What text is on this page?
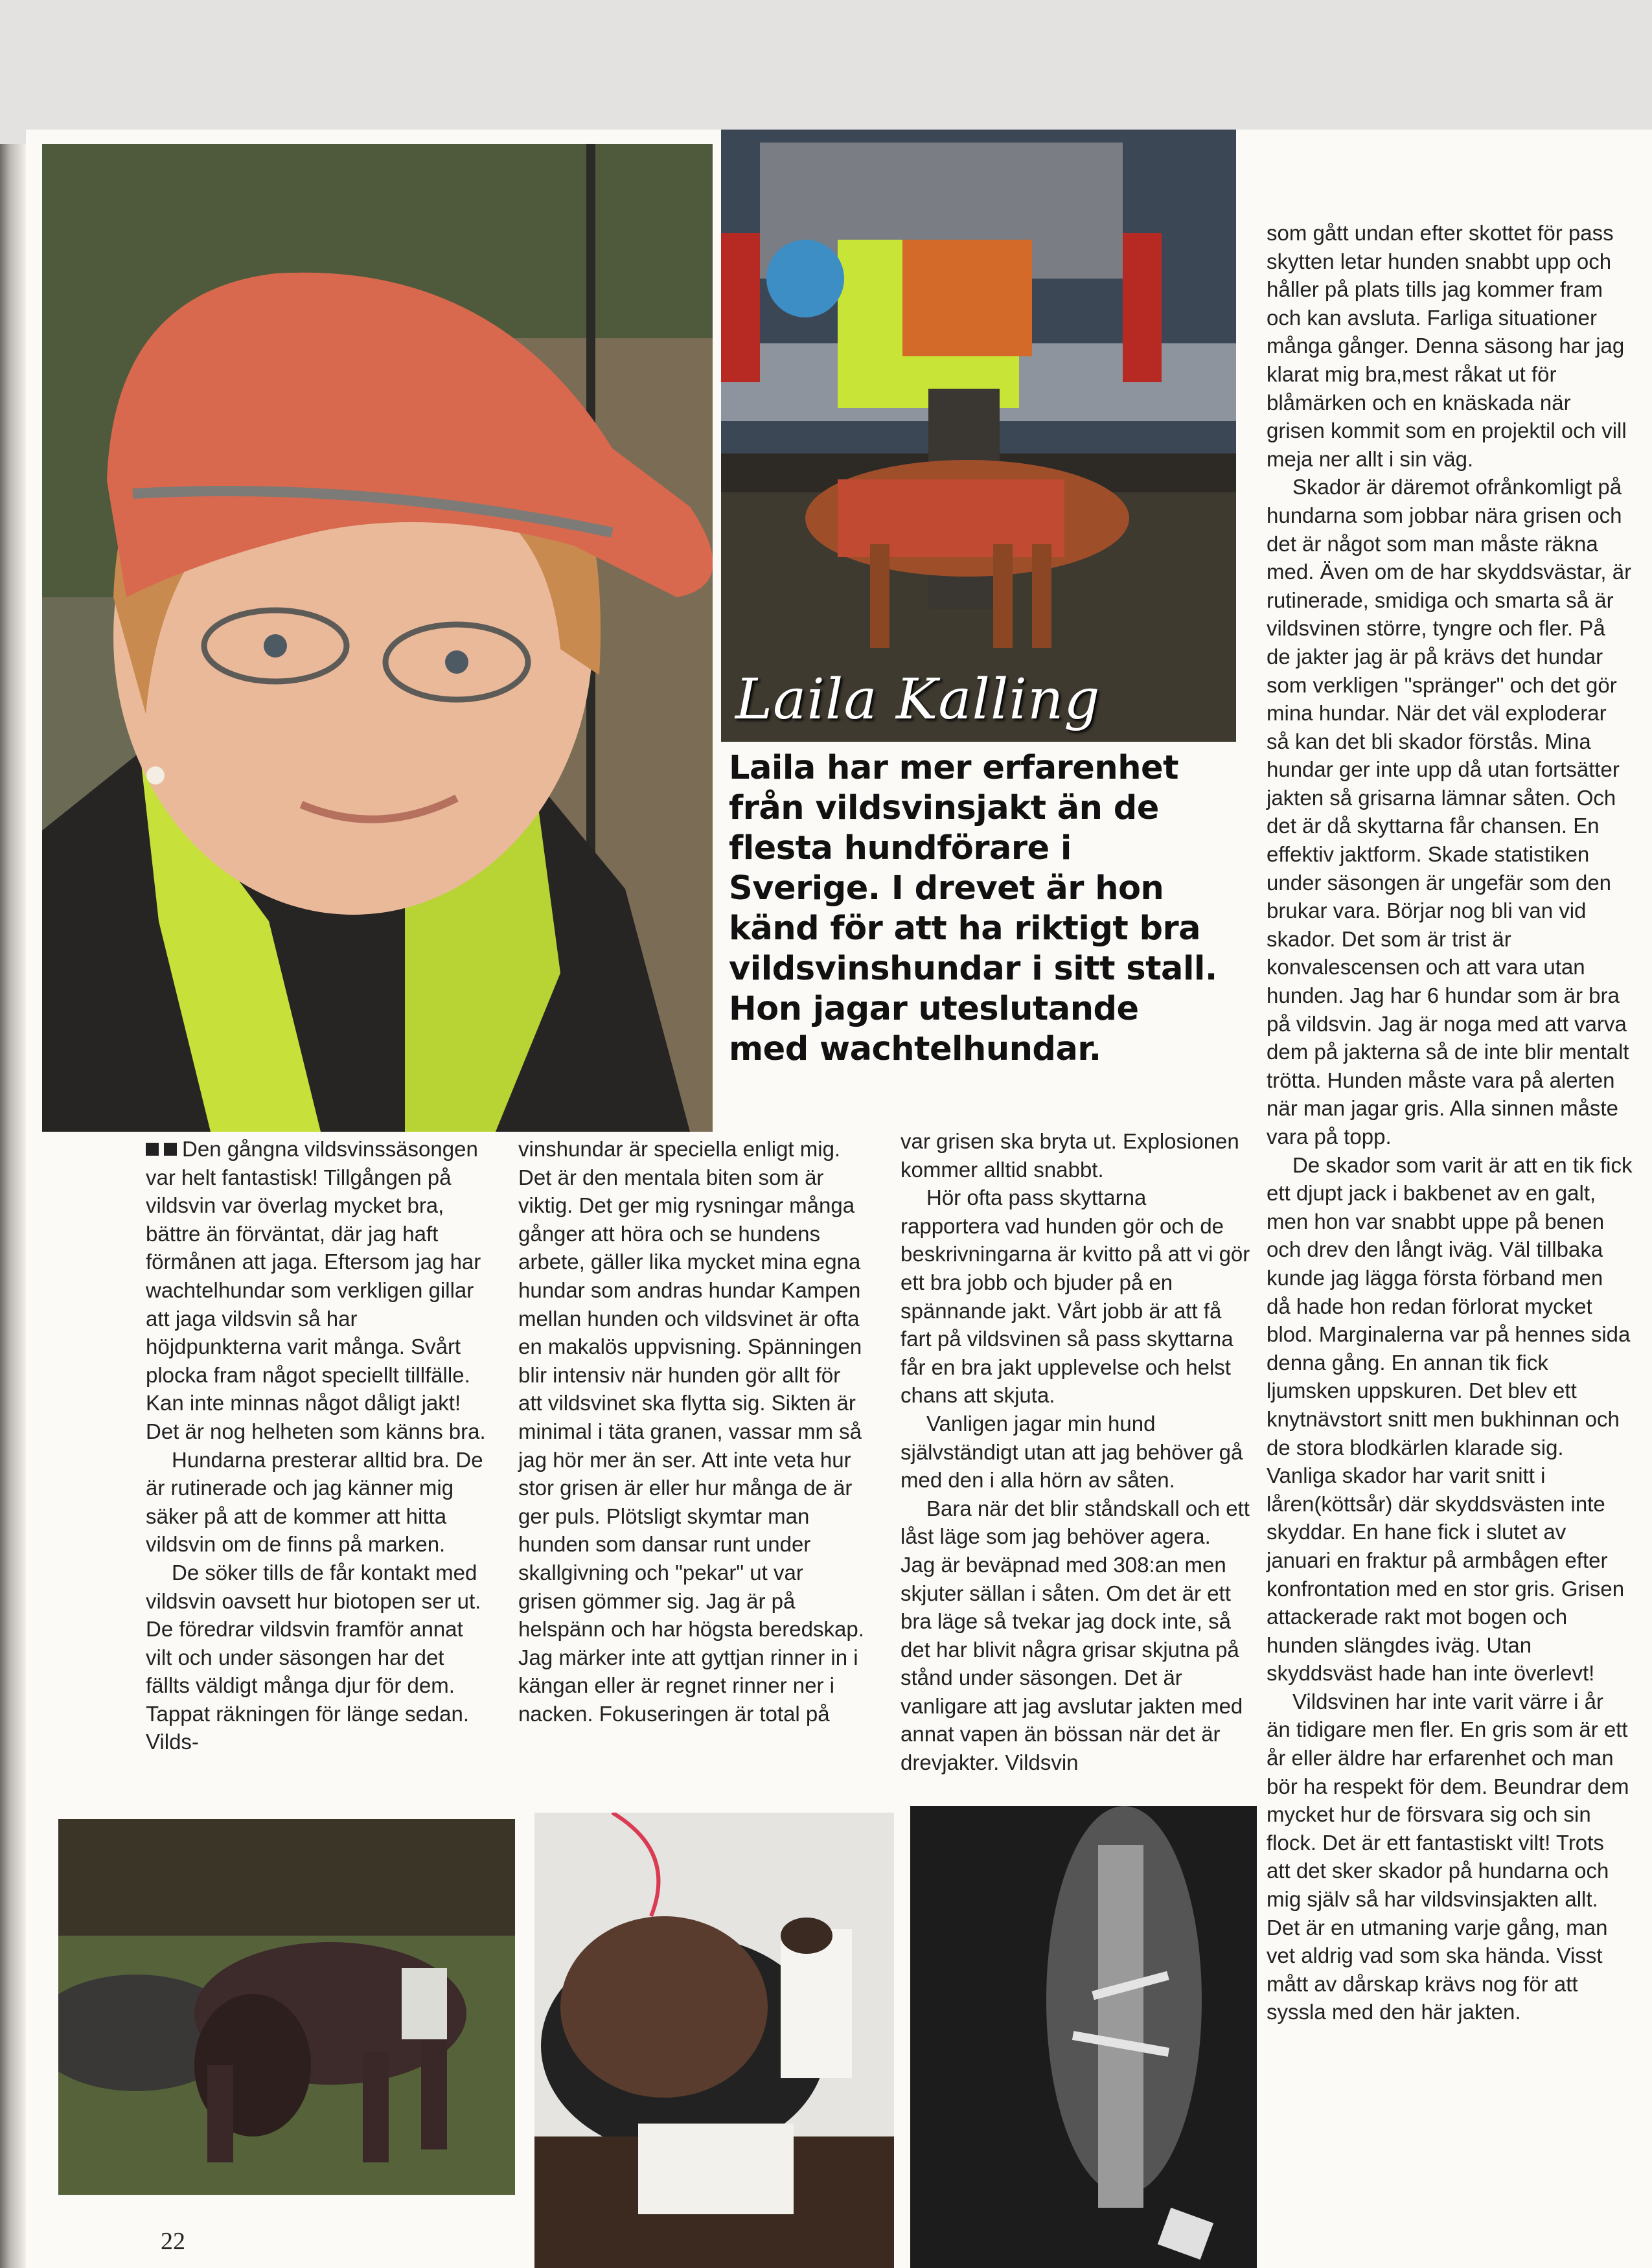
Laila Kalling
Laila har mer erfarenhet från vildsvinsjakt än de flesta hundförare i Sverige. I drevet är hon känd för att ha riktigt bra vildsvinshundar i sitt stall. Hon jagar uteslutande med wachtelhundar.

Den gångna vildsvinssäsongen var helt fantastisk! Tillgången på vildsvin var överlag mycket bra, bättre än förväntat, där jag haft förmånen att jaga. Eftersom jag har wachtelhundar som verkligen gillar att jaga vildsvin så har höjdpunkterna varit många. Svårt plocka fram något speciellt tillfälle. Kan inte minnas något dåligt jakt! Det är nog helheten som känns bra.

Hundarna presterar alltid bra. De är rutinerade och jag känner mig säker på att de kommer att hitta vildsvin om de finns på marken.

De söker tills de får kontakt med vildsvin oavsett hur biotopen ser ut. De föredrar vildsvin framför annat vilt och under säsongen har det fällts väldigt många djur för dem. Tappat räkningen för länge sedan. Vilds-

vinshundar är speciella enligt mig. Det är den mentala biten som är viktig. Det ger mig rysningar många gånger att höra och se hundens arbete, gäller lika mycket mina egna hundar som andras hundar Kampen mellan hunden och vildsvinet är ofta en makalös uppvisning. Spänningen blir intensiv när hunden gör allt för att vildsvinet ska flytta sig. Sikten är minimal i täta granen, vassar mm så jag hör mer än ser. Att inte veta hur stor grisen är eller hur många de är ger puls. Plötsligt skymtar man hunden som dansar runt under skallgivning och "pekar" ut var grisen gömmer sig. Jag är på helspänn och har högsta beredskap. Jag märker inte att gyttjan rinner in i kängan eller är regnet rinner ner i nacken. Fokuseringen är total på

var grisen ska bryta ut. Explosionen kommer alltid snabbt.

Hör ofta pass skyttarna rapportera vad hunden gör och de beskrivningarna är kvitto på att vi gör ett bra jobb och bjuder på en spännande jakt. Vårt jobb är att få fart på vildsvinen så pass skyttarna får en bra jakt upplevelse och helst chans att skjuta.

Vanligen jagar min hund självständigt utan att jag behöver gå med den i alla hörn av såten.

Bara när det blir ståndskall och ett låst läge som jag behöver agera. Jag är beväpnad med 308:an men skjuter sällan i såten. Om det är ett bra läge så tvekar jag dock inte, så det har blivit några grisar skjutna på stånd under säsongen. Det är vanligare att jag avslutar jakten med annat vapen än bössan när det är drevjakter. Vildsvin

som gått undan efter skottet för pass skytten letar hunden snabbt upp och håller på plats tills jag kommer fram och kan avsluta. Farliga situationer många gånger. Denna säsong har jag klarat mig bra,mest råkat ut för blåmärken och en knäskada när grisen kommit som en projektil och vill meja ner allt i sin väg.

Skador är däremot ofrånkomligt på hundarna som jobbar nära grisen och det är något som man måste räkna med. Även om de har skyddsvästar, är rutinerade, smidiga och smarta så är vildsvinen större, tyngre och fler. På de jakter jag är på krävs det hundar som verkligen "spränger" och det gör mina hundar. När det väl exploderar så kan det bli skador förstås. Mina hundar ger inte upp då utan fortsätter jakten så grisarna lämnar såten. Och det är då skyttarna får chansen. En effektiv jaktform. Skade statistiken under säsongen är ungefär som den brukar vara. Börjar nog bli van vid skador. Det som är trist är konvalescensen och att vara utan hunden. Jag har 6 hundar som är bra på vildsvin. Jag är noga med att varva dem på jakterna så de inte blir mentalt trötta. Hunden måste vara på alerten när man jagar gris. Alla sinnen måste vara på topp.

De skador som varit är att en tik fick ett djupt jack i bakbenet av en galt, men hon var snabbt uppe på benen och drev den långt iväg. Väl tillbaka kunde jag lägga första förband men då hade hon redan förlorat mycket blod. Marginalerna var på hennes sida denna gång. En annan tik fick ljumsken uppskuren. Det blev ett knytnävstort snitt men bukhinnan och de stora blodkärlen klarade sig. Vanliga skador har varit snitt i låren(köttsår) där skyddsvästen inte skyddar. En hane fick i slutet av januari en fraktur på armbågen efter konfrontation med en stor gris. Grisen attackerade rakt mot bogen och hunden slängdes iväg. Utan skyddsväst hade han inte överlevt!

Vildsvinen har inte varit värre i år än tidigare men fler. En gris som är ett år eller äldre har erfarenhet och man bör ha respekt för dem. Beundrar dem mycket hur de försvara sig och sin flock. Det är ett fantastiskt vilt! Trots att det sker skador på hundarna och mig själv så har vildsvinsjakten allt. Det är en utmaning varje gång, man vet aldrig vad som ska hända. Visst mått av dårskap krävs nog för att syssla med den här jakten.

22
